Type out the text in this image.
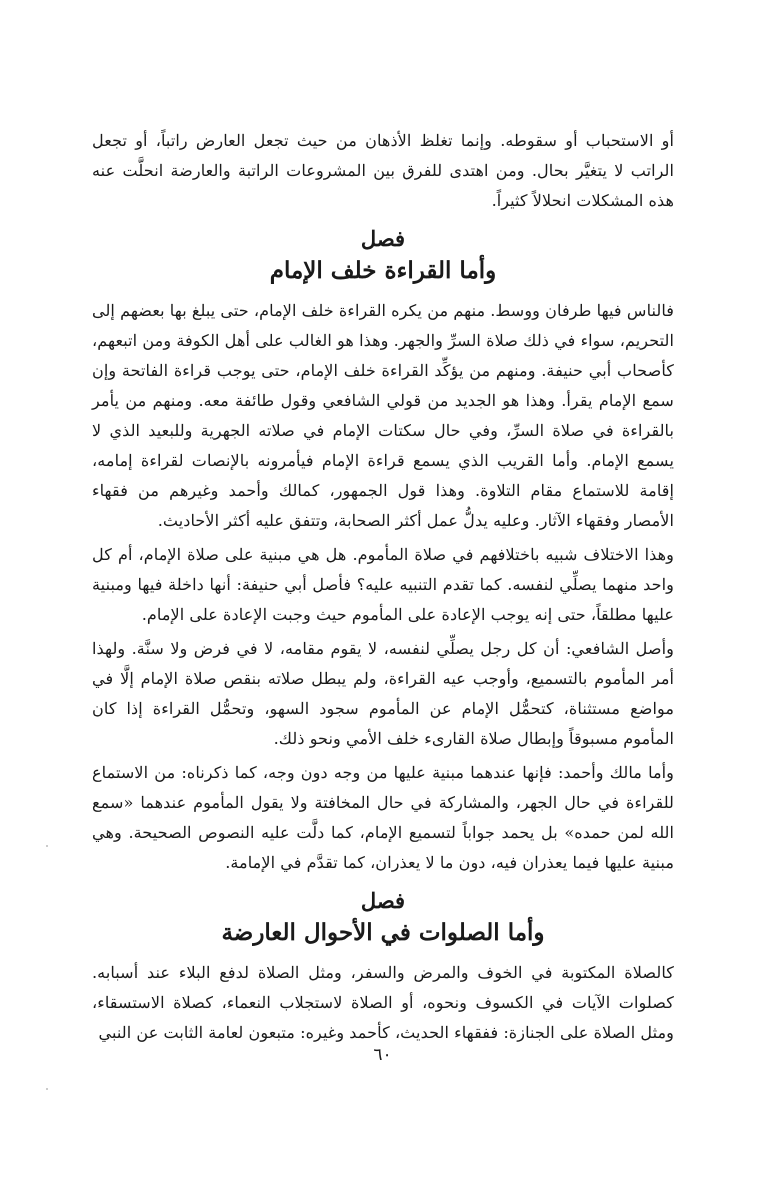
أو الاستحباب أو سقوطه. وإنما تغلظ الأذهان من حيث تجعل العارض راتباً، أو تجعل الراتب لا يتغيَّر بحال. ومن اهتدى للفرق بين المشروعات الراتبة والعارضة انحلَّت عنه هذه المشكلات انحلالاً كثيراً.

فصل
وأما القراءة خلف الإمام

فالناس فيها طرفان ووسط. منهم من يكره القراءة خلف الإمام، حتى يبلغ بها بعضهم إلى التحريم، سواء في ذلك صلاة السرِّ والجهر. وهذا هو الغالب على أهل الكوفة ومن اتبعهم، كأصحاب أبي حنيفة. ومنهم من يؤكِّد القراءة خلف الإمام، حتى يوجب قراءة الفاتحة وإن سمع الإمام يقرأ. وهذا هو الجديد من قولي الشافعي وقول طائفة معه. ومنهم من يأمر بالقراءة في صلاة السرِّ، وفي حال سكتات الإمام في صلاته الجهرية وللبعيد الذي لا يسمع الإمام. وأما القريب الذي يسمع قراءة الإمام فيأمرونه بالإنصات لقراءة إمامه، إقامة للاستماع مقام التلاوة. وهذا قول الجمهور، كمالك وأحمد وغيرهم من فقهاء الأمصار وفقهاء الآثار. وعليه يدلُّ عمل أكثر الصحابة، وتتفق عليه أكثر الأحاديث.

وهذا الاختلاف شبيه باختلافهم في صلاة المأموم. هل هي مبنية على صلاة الإمام، أم كل واحد منهما يصلِّي لنفسه. كما تقدم التنبيه عليه؟ فأصل أبي حنيفة: أنها داخلة فيها ومبنية عليها مطلقاً، حتى إنه يوجب الإعادة على المأموم حيث وجبت الإعادة على الإمام.

وأصل الشافعي: أن كل رجل يصلِّي لنفسه، لا يقوم مقامه، لا في فرض ولا سنَّة. ولهذا أمر المأموم بالتسميع، وأوجب عيه القراءة، ولم يبطل صلاته بنقص صلاة الإمام إلَّا في مواضع مستثناة، كتحمُّل الإمام عن المأموم سجود السهو، وتحمُّل القراءة إذا كان المأموم مسبوقاً وإبطال صلاة القارىء خلف الأمي ونحو ذلك.

وأما مالك وأحمد: فإنها عندهما مبنية عليها من وجه دون وجه، كما ذكرناه: من الاستماع للقراءة في حال الجهر، والمشاركة في حال المخافتة ولا يقول المأموم عندهما «سمع الله لمن حمده» بل يحمد جواباً لتسميع الإمام، كما دلَّت عليه النصوص الصحيحة. وهي مبنية عليها فيما يعذران فيه، دون ما لا يعذران، كما تقدَّم في الإمامة.

فصل
وأما الصلوات في الأحوال العارضة

كالصلاة المكتوبة في الخوف والمرض والسفر، ومثل الصلاة لدفع البلاء عند أسبابه. كصلوات الآيات في الكسوف ونحوه، أو الصلاة لاستجلاب النعماء، كصلاة الاستسقاء، ومثل الصلاة على الجنازة: ففقهاء الحديث، كأحمد وغيره: متبعون لعامة الثابت عن النبي

٦٠
